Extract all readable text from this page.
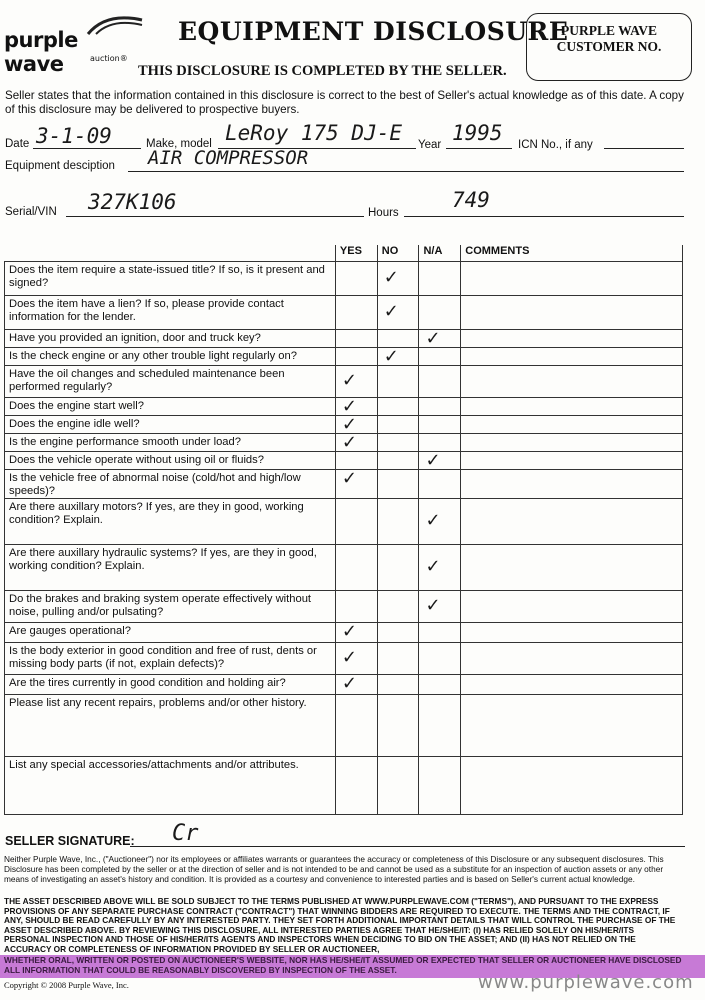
purple wave	auction®
EQUIPMENT DISCLOSURE
THIS DISCLOSURE IS COMPLETED BY THE SELLER.
PURPLE WAVE CUSTOMER NO.
Seller states that the information contained in this disclosure is correct to the best of Seller's actual knowledge as of this date. A copy of this disclosure may be delivered to prospective buyers.
Date 3-1-09	Make, model LeRoy 175 DJ-E Year 1995 ICN No., if any
Equipment desciption AIR COMPRESSOR
Serial/VIN 327K106	Hours
749
	YES	NO	N/A	COMMENTS
Does the item require a state-issued title? If so, is it present and signed?		✓		

Does the item have a lien? If so, please provide contact information for the lender.		✓		

Have you provided an ignition, door and truck key?			✓	

Is the check engine or any other trouble light regularly on?		✓		

Have the oil changes and scheduled maintenance been performed regularly?	✓			

Does the engine start well?	✓			

Does the engine idle well?	✓			

Is the engine performance smooth under load?	✓			

Does the vehicle operate without using oil or fluids?			✓	

Is the vehicle free of abnormal noise (cold/hot and high/low speeds)?	✓			

Are there auxillary motors? If yes, are they in good, working condition? Explain.			✓	

Are there auxillary hydraulic systems? If yes, are they in good, working condition? Explain.			✓	

Do the brakes and braking system operate effectively without noise, pulling and/or pulsating?			✓	

Are gauges operational?	✓			

Is the body exterior in good condition and free of rust, dents or missing body parts (if not, explain defects)?	✓			

Are the tires currently in good condition and holding air?	✓			

Please list any recent repairs, problems and/or other history.				
List any special accessories/attachments and/or attributes.				
SELLER SIGNATURE: Cr
Neither Purple Wave, Inc., ("Auctioneer") nor its employees or affiliates warrants or guarantees the accuracy or completeness of this Disclosure or any subsequent disclosures. This Disclosure has been completed by the seller or at the direction of seller and is not intended to be and cannot be used as a substitute for an inspection of auction assets or any other means of investigating an asset's history and condition. It is provided as a courtesy and convenience to interested parties and is based on Seller's current actual knowledge.
THE ASSET DESCRIBED ABOVE WILL BE SOLD SUBJECT TO THE TERMS PUBLISHED AT WWW.PURPLEWAVE.COM ("TERMS"), AND PURSUANT TO THE EXPRESS PROVISIONS OF ANY SEPARATE PURCHASE CONTRACT ("CONTRACT") THAT WINNING BIDDERS ARE REQUIRED TO EXECUTE. THE TERMS AND THE CONTRACT, IF ANY, SHOULD BE READ CAREFULLY BY ANY INTERESTED PARTY. THEY SET FORTH ADDITIONAL IMPORTANT DETAILS THAT WILL CONTROL THE PURCHASE OF THE ASSET DESCRIBED ABOVE. BY REVIEWING THIS DISCLOSURE, ALL INTERESTED PARTIES AGREE THAT HE/SHE/IT: (I) HAS RELIED SOLELY ON HIS/HER/ITS PERSONAL INSPECTION AND THOSE OF HIS/HER/ITS AGENTS AND INSPECTORS WHEN DECIDING TO BID ON THE ASSET; AND (II) HAS NOT RELIED ON THE ACCURACY OR COMPLETENESS OF INFORMATION PROVIDED BY SELLER OR AUCTIONEER,
WHETHER ORAL, WRITTEN OR POSTED ON AUCTIONEER'S WEBSITE, NOR HAS HE/SHE/IT ASSUMED OR EXPECTED THAT SELLER OR AUCTIONEER HAVE DISCLOSED ALL INFORMATION THAT COULD BE REASONABLY DISCOVERED BY INSPECTION OF THE ASSET.
Copyright © 2008 Purple Wave, Inc.	www.purplewave.com
